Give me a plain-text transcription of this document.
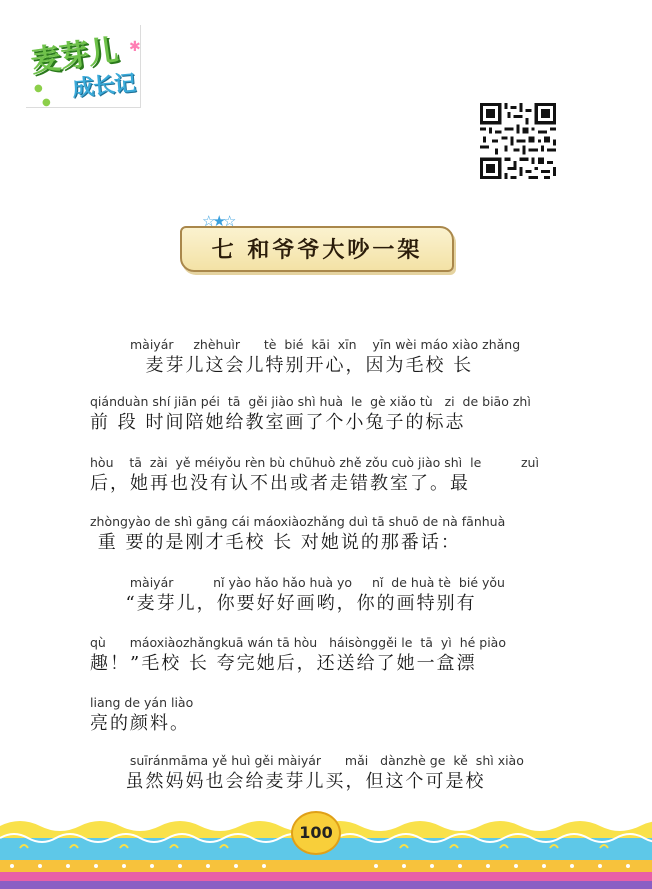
✱
●
●
麦芽儿
成长记
七 和爷爷大吵一架
☆★☆
màiyár     zhèhuìr      tè  bié  kāi  xīn    yīn wèi máo xiào zhǎng
麦芽儿这会儿特别开心，因为毛校 长
qiánduàn shí jiān péi  tā  gěi jiào shì huà  le  gè xiǎo tù   zi  de biāo zhì
前 段 时间陪她给教室画了个小兔子的标志
hòu    tā  zài  yě méiyǒu rèn bù chūhuò zhě zǒu cuò jiào shì  le          zuì
后，她再也没有认不出或者走错教室了。最
zhòngyào de shì gāng cái máoxiàozhǎng duì tā shuō de nà fānhuà
重 要的是刚才毛校 长 对她说的那番话：
màiyár          nǐ yào hǎo hǎo huà yo     nǐ  de huà tè  bié yǒu
“麦芽儿，你要好好画哟，你的画特别有
qù      máoxiàozhǎngkuā wán tā hòu   háisònggěi le  tā  yì  hé piào
趣！”毛校 长 夸完她后，还送给了她一盒漂
liang de yán liào
亮的颜料。
suīránmāma yě huì gěi màiyár      mǎi   dànzhè ge  kě  shì xiào
虽然妈妈也会给麦芽儿买，但这个可是校
100
